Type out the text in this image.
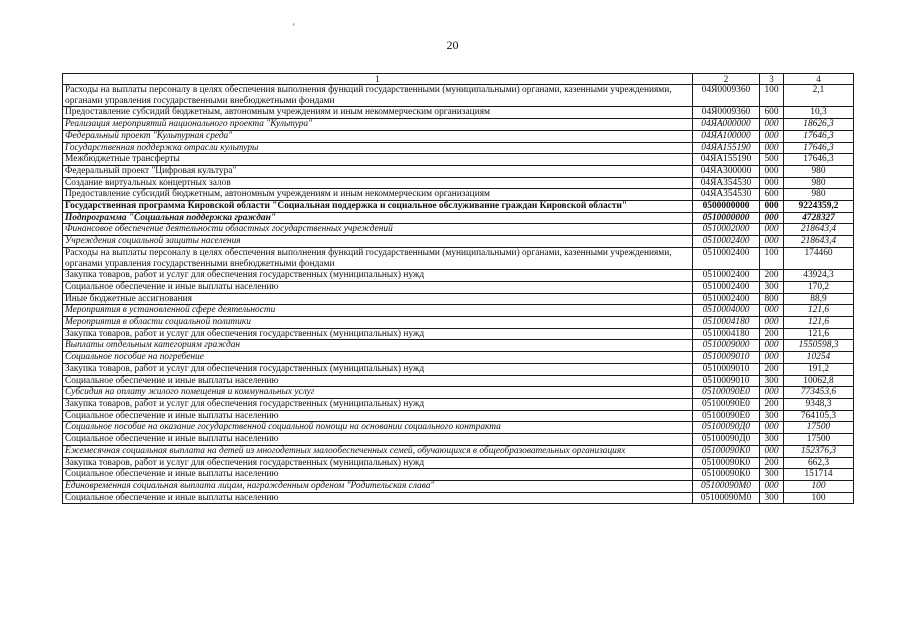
20
'
1	2	3	4
Расходы на выплаты персоналу в целях обеспечения выполнения функций государственными (муниципальными) органами, казенными учреждениями, органами управления государственными внебюджетными фондами	04Я0009360	100	2,1
Предоставление субсидий бюджетным, автономным учреждениям и иным некоммерческим организациям	04Я0009360	600	10,3
Реализация мероприятий национального проекта "Культура"	04ЯА000000	000	18626,3
Федеральный проект "Культурная среда"	04ЯА100000	000	17646,3
Государственная поддержка отрасли культуры	04ЯА155190	000	17646,3
Межбюджетные трансферты	04ЯА155190	500	17646,3
Федеральный проект "Цифровая культура"	04ЯА300000	000	980
Создание виртуальных концертных залов	04ЯА354530	000	980
Предоставление субсидий бюджетным, автономным учреждениям и иным некоммерческим организациям	04ЯА354530	600	980
Государственная программа Кировской области "Социальная поддержка и социальное обслуживание граждан Кировской области"	0500000000	000	9224359,2
Подпрограмма "Социальная поддержка граждан"	0510000000	000	4728327
Финансовое обеспечение деятельности областных государственных учреждений	0510002000	000	218643,4
Учреждения социальной защиты населения	0510002400	000	218643,4
Расходы на выплаты персоналу в целях обеспечения выполнения функций государственными (муниципальными) органами, казенными учреждениями, органами управления государственными внебюджетными фондами	0510002400	100	174460
Закупка товаров, работ и услуг для обеспечения государственных (муниципальных) нужд	0510002400	200	43924,3
Социальное обеспечение и иные выплаты населению	0510002400	300	170,2
Иные бюджетные ассигнования	0510002400	800	88,9
Мероприятия в установленной сфере деятельности	0510004000	000	121,6
Мероприятия в области социальной политики	0510004180	000	121,6
Закупка товаров, работ и услуг для обеспечения государственных (муниципальных) нужд	0510004180	200	121,6
Выплаты отдельным категориям граждан	0510009000	000	1550598,3
Социальное пособие на погребение	0510009010	000	10254
Закупка товаров, работ и услуг для обеспечения государственных (муниципальных) нужд	0510009010	200	191,2
Социальное обеспечение и иные выплаты населению	0510009010	300	10062,8
Субсидия на оплату жилого помещения и коммунальных услуг	05100090Е0	000	773453,6
Закупка товаров, работ и услуг для обеспечения государственных (муниципальных) нужд	05100090Е0	200	9348,3
Социальное обеспечение и иные выплаты населению	05100090Е0	300	764105,3
Социальное пособие на оказание государственной социальной помощи на основании социального контракта	05100090Д0	000	17500
Социальное обеспечение и иные выплаты населению	05100090Д0	300	17500
Ежемесячная социальная выплата на детей из многодетных малообеспеченных семей, обучающихся в общеобразовательных организациях	05100090К0	000	152376,3
Закупка товаров, работ и услуг для обеспечения государственных (муниципальных) нужд	05100090К0	200	662,3
Социальное обеспечение и иные выплаты населению	05100090К0	300	151714
Единовременная социальная выплата лицам, награжденным орденом "Родительская слава"	05100090М0	000	100
Социальное обеспечение и иные выплаты населению	05100090М0	300	100
